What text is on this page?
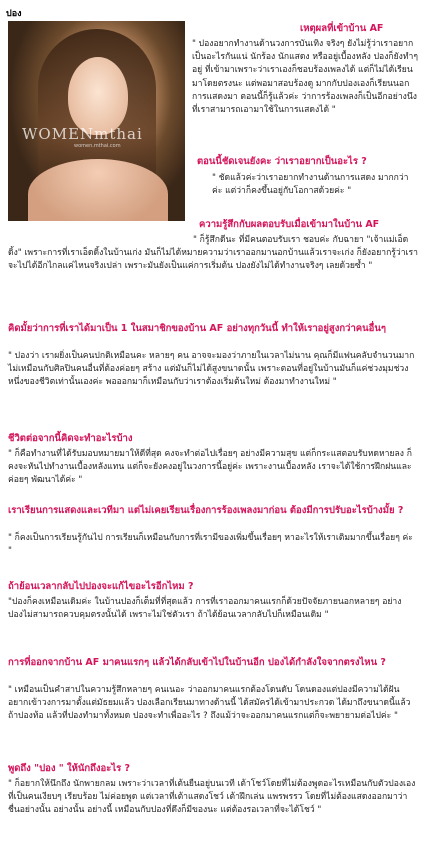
ปอง
WOMENmthai
women.mthai.com
เหตุผลที่เข้าบ้าน AF
" ปองอยากทำงานด้านวงการบันเทิง จริงๆ ยังไม่รู้ว่าเราอยากเป็นอะไรกันแน่ นักร้อง นักแสดง หรืออยู่เบื้องหลัง ปองก็ยังทำๆ อยู่ ที่เข้ามาเพราะว่าเราเองก็ชอบร้องเพลงได้ แต่ก็ไม่ได้เรียนมาโดยตรงนะ แต่พอมาสอบร้องดู มากกับปองเองก็เรียนนอกการแสดงมา ตอนนี้ก็รู้แล้วค่ะ ว่าการร้องเพลงก็เป็นอีกอย่างนึงที่เราสามารถเอามาใช้ในการแสดงได้ "
ตอนนี้ชัดเจนยังคะ ว่าเราอยากเป็นอะไร ?
" ชัดแล้วค่ะว่าเราอยากทำงานด้านการแสดง มากกว่าค่ะ แต่ว่าก็คงขึ้นอยู่กับโอกาสด้วยค่ะ "
ความรู้สึกกับผลตอบรับเมื่อเข้ามาในบ้าน AF
" ก็รู้สึกดีนะ ที่มีคนตอบรับเรา ชอบค่ะ กับฉายา "เจ้าแม่เอ็ดดิ้ง" เพราะการที่เราเอ็ดดิ้งในบ้านเก่ง มันก็ไม่ได้หมายความว่าเราออกมานอกบ้านแล้วเราจะเก่ง ก็ยังอยากรู้ว่าเราจะไปได้อีกไกลแค่ไหนจริงเปล่า เพราะมันยังเป็นแค่การเริ่มต้น ปองยังไม่ได้ทำงานจริงๆ เลยด้วยซ้ำ "
คิดมั้ยว่าการที่เราได้มาเป็น 1 ในสมาชิกของบ้าน AF อย่างทุกวันนี้ ทำให้เราอยู่สูงกว่าคนอื่นๆ
" ปองว่า เราผยิ่งเป็นคนปกติเหมือนคะ หลายๆ คน อาจจะมองว่าภายในเวลาไม่นาน คุณก็มีแฟนคลับจำนวนมาก ไม่เหมือนกับศิลปินคนอื่นที่ต้องค่อยๆ สร้าง แต่มันก็ไม่ได้สูงขนาดนั้น เพราะตอนที่อยู่ในบ้านมันก็แค่ช่วงมุมช่วงหนึ่งของชีวิตเท่านั้นเองค่ะ พอออกมาก็เหมือนกับว่าเราต้องเริ่มต้นใหม่ ต้องมาทำงานใหม่ "
ชีวิตต่อจากนี้คิดจะทำอะไรบ้าง
" ก็คือทำงานที่ได้รับมอบหมายมาให้ดีที่สุด คงจะทำต่อไปเรื่อยๆ อย่างมีความสุข แต่ก็กระแสตอบรับหดหายลง ก็คงจะหันไปทำงานเบื้องหลังแทน แต่ก็จะยังคงอยู่ในวงการนี้อยู่ค่ะ เพราะงานเบื้องหลัง เราจะได้ใช้การฝึกฝนและค่อยๆ พัฒนาได้ค่ะ "
เราเรียนการแสดงและเวทีมา แต่ไม่เคยเรียนเรื่องการร้องเพลงมาก่อน ต้องมีการปรับอะไรบ้างมั้ย ?
" ก็คงเป็นการเรียนรู้กันไป การเรียนก็เหมือนกับการที่เรามีของเพิ่มขึ้นเรื่อยๆ หาอะไรให้เราเติมมากขึ้นเรื่อยๆ ค่ะ "
ถ้าย้อนเวลากลับไปปองจะแก้ไขอะไรอีกไหม ?
"ปองก็คงเหมือนเดิมค่ะ ในบ้านปองก็เต็มที่ที่สุดแล้ว การที่เราออกมาคนแรกก็ด้วยปัจจัยภายนอกหลายๆ อย่าง ปองไม่สามารถควบคุมตรงนั้นได้ เพราะไม่ใช่ตัวเรา ถ้าได้ย้อนเวลากลับไปก็เหมือนเดิม "
การที่ออกจากบ้าน AF มาคนแรกๆ แล้วได้กลับเข้าไปในบ้านอีก ปองได้กำลังใจจากตรงไหน ?
" เหมือนเป็นคำสาปในความรู้สึกหลายๆ คนเนอะ ว่าออกมาคนแรกต้องโดนดับ โดนดองแต่ปองมีความได้ฝันอยากเข้าวงการมาตั้งแต่มัธยมแล้ว ปองเลือกเรียนมาทางด้านนี้ ได้สมัครได้เข้ามาประกวด ได้มาถึงขนาดนี้แล้ว ถ้าปองท้อ แล้วที่ปองทำมาทั้งหมด ปองจะทำเพื่ออะไร ? ถึงแม้ว่าจะออกมาคนแรกแต่ก็จะพยายามต่อไปค่ะ "
พูดถึง "ปอง " ให้นักถึงอะไร ?
" ก็อยากให้นึกถึง นักพายกลม เพราะว่าเวลาที่เต้นยืนอยู่บนเวที เต้าโชว์โดยที่ไม่ต้องพูดอะไรเหมือนกับตัวปองเองที่เป็นคนเงียบๆ เรียบร้อย ไม่ค่อยพูด แต่เวลาที่เต้าแสดงโชว์ เต้าฝึกเล่น แพรพรรว โดยที่ไม่ต้องแสดงออกมาว่าชื่นอย่างนั้น อย่างนั้น อย่างนี้ เหมือนกับปองที่ดึงก็มีของนะ แต่ต้องรอเวลาที่จะได้โชว์ "
